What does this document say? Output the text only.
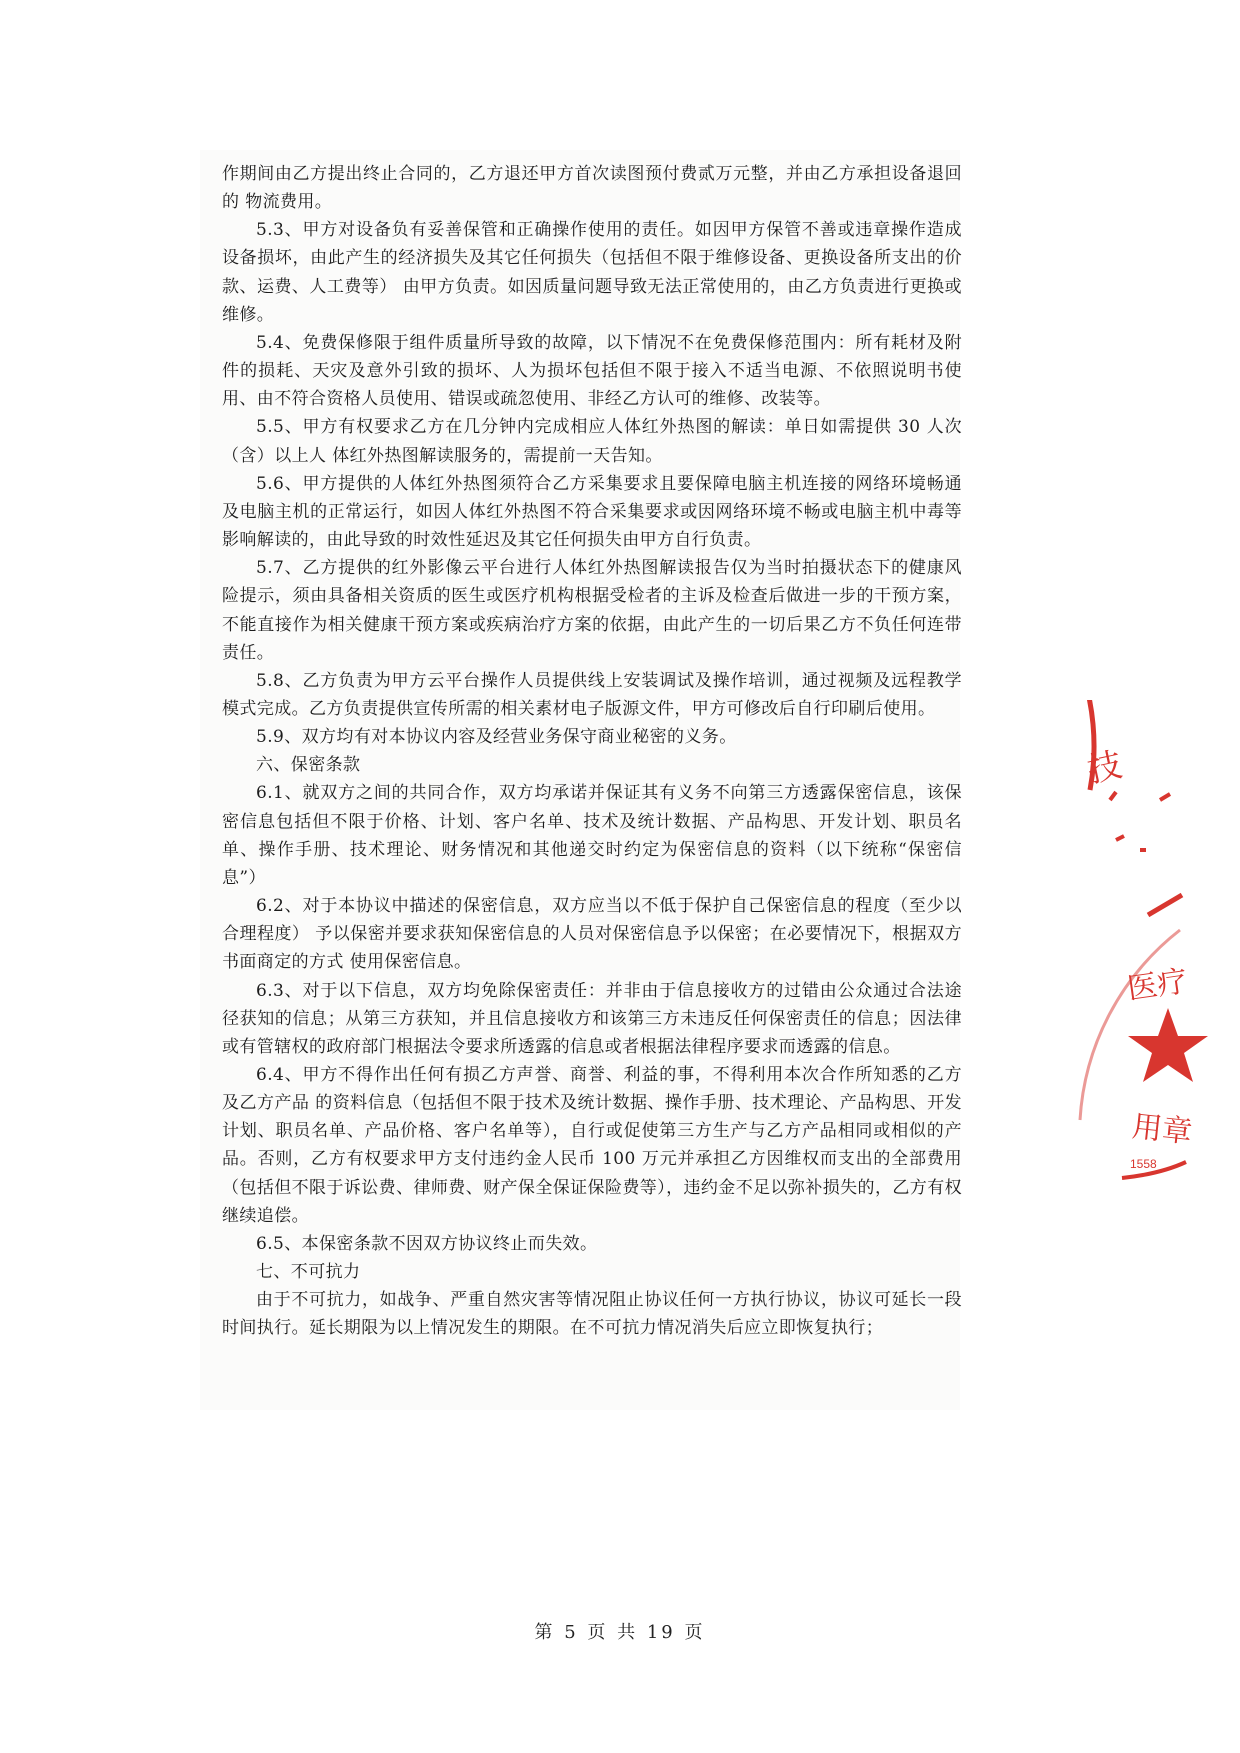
作期间由乙方提出终止合同的，乙方退还甲方首次读图预付费贰万元整，并由乙方承担设备退回的 物流费用。

5.3、甲方对设备负有妥善保管和正确操作使用的责任。如因甲方保管不善或违章操作造成设备损坏，由此产生的经济损失及其它任何损失（包括但不限于维修设备、更换设备所支出的价款、运费、人工费等） 由甲方负责。如因质量问题导致无法正常使用的，由乙方负责进行更换或维修。

5.4、免费保修限于组件质量所导致的故障，以下情况不在免费保修范围内：所有耗材及附件的损耗、天灾及意外引致的损坏、人为损坏包括但不限于接入不适当电源、不依照说明书使用、由不符合资格人员使用、错误或疏忽使用、非经乙方认可的维修、改装等。

5.5、甲方有权要求乙方在几分钟内完成相应人体红外热图的解读：单日如需提供 30 人次（含）以上人 体红外热图解读服务的，需提前一天告知。

5.6、甲方提供的人体红外热图须符合乙方采集要求且要保障电脑主机连接的网络环境畅通及电脑主机的正常运行，如因人体红外热图不符合采集要求或因网络环境不畅或电脑主机中毒等影响解读的，由此导致的时效性延迟及其它任何损失由甲方自行负责。

5.7、乙方提供的红外影像云平台进行人体红外热图解读报告仅为当时拍摄状态下的健康风险提示，须由具备相关资质的医生或医疗机构根据受检者的主诉及检查后做进一步的干预方案，不能直接作为相关健康干预方案或疾病治疗方案的依据，由此产生的一切后果乙方不负任何连带责任。

5.8、乙方负责为甲方云平台操作人员提供线上安装调试及操作培训，通过视频及远程教学模式完成。乙方负责提供宣传所需的相关素材电子版源文件，甲方可修改后自行印刷后使用。

5.9、双方均有对本协议内容及经营业务保守商业秘密的义务。

六、保密条款

6.1、就双方之间的共同合作，双方均承诺并保证其有义务不向第三方透露保密信息，该保密信息包括但不限于价格、计划、客户名单、技术及统计数据、产品构思、开发计划、职员名单、操作手册、技术理论、财务情况和其他递交时约定为保密信息的资料（以下统称“保密信息”）

6.2、对于本协议中描述的保密信息，双方应当以不低于保护自己保密信息的程度（至少以合理程度） 予以保密并要求获知保密信息的人员对保密信息予以保密；在必要情况下，根据双方书面商定的方式 使用保密信息。

6.3、对于以下信息，双方均免除保密责任：并非由于信息接收方的过错由公众通过合法途径获知的信息；从第三方获知，并且信息接收方和该第三方未违反任何保密责任的信息；因法律或有管辖权的政府部门根据法令要求所透露的信息或者根据法律程序要求而透露的信息。

6.4、甲方不得作出任何有损乙方声誉、商誉、利益的事，不得利用本次合作所知悉的乙方及乙方产品 的资料信息（包括但不限于技术及统计数据、操作手册、技术理论、产品构思、开发计划、职员名单、产品价格、客户名单等），自行或促使第三方生产与乙方产品相同或相似的产品。否则，乙方有权要求甲方支付违约金人民币 100 万元并承担乙方因维权而支出的全部费用（包括但不限于诉讼费、律师费、财产保全保证保险费等），违约金不足以弥补损失的，乙方有权继续追偿。

6.5、本保密条款不因双方协议终止而失效。

七、不可抗力

由于不可抗力，如战争、严重自然灾害等情况阻止协议任何一方执行协议，协议可延长一段时间执行。延长期限为以上情况发生的期限。在不可抗力情况消失后应立即恢复执行；

技
医疗
用章
1558
第 5 页 共 19 页
